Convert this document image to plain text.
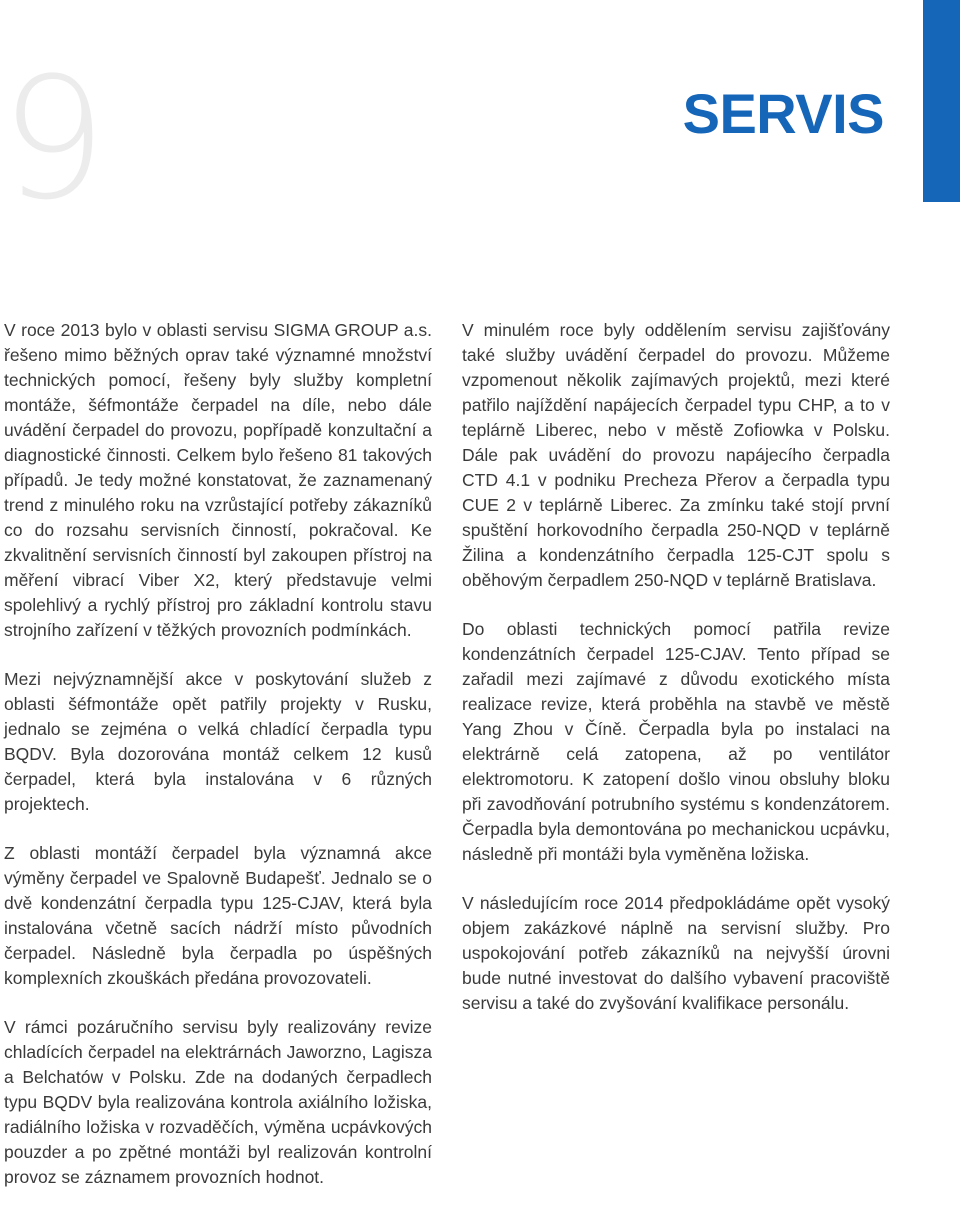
9	SERVIS

V roce 2013 bylo v oblasti servisu SIGMA GROUP a.s. řešeno mimo běžných oprav také významné množství technických pomocí, řešeny byly služby kompletní montáže, šéfmontáže čerpadel na díle, nebo dále uvádění čerpadel do provozu, popřípadě konzultační a diagnostické činnosti. Celkem bylo řešeno 81 takových případů. Je tedy možné konstatovat, že zaznamenaný trend z minulého roku na vzrůstající potřeby zákazníků co do rozsahu servisních činností, pokračoval. Ke zkvalitnění servisních činností byl zakoupen přístroj na měření vibrací Viber X2, který představuje velmi spolehlivý a rychlý přístroj pro základní kontrolu stavu strojního zařízení v těžkých provozních podmínkách.

Mezi nejvýznamnější akce v poskytování služeb z oblasti šéfmontáže opět patřily projekty v Rusku, jednalo se zejména o velká chladící čerpadla typu BQDV. Byla dozorována montáž celkem 12 kusů čerpadel, která byla instalována v 6 různých projektech.

Z oblasti montáží čerpadel byla významná akce výměny čerpadel ve Spalovně Budapešť. Jednalo se o dvě kondenzátní čerpadla typu 125-CJAV, která byla instalována včetně sacích nádrží místo původních čerpadel. Následně byla čerpadla po úspěšných komplexních zkouškách předána provozovateli.

V rámci pozáručního servisu byly realizovány revize chladících čerpadel na elektrárnách Jaworzno, Lagisza a Belchatów v Polsku. Zde na dodaných čerpadlech typu BQDV byla realizována kontrola axiálního ložiska, radiálního ložiska v rozvaděčích, výměna ucpávkových pouzder a po zpětné montáži byl realizován kontrolní provoz se záznamem provozních hodnot.

V minulém roce byly oddělením servisu zajišťovány také služby uvádění čerpadel do provozu. Můžeme vzpomenout několik zajímavých projektů, mezi které patřilo najíždění napájecích čerpadel typu CHP, a to v teplárně Liberec, nebo v městě Zofiowka v Polsku. Dále pak uvádění do provozu napájecího čerpadla CTD 4.1 v podniku Precheza Přerov a čerpadla typu CUE 2 v teplárně Liberec. Za zmínku také stojí první spuštění horkovodního čerpadla 250-NQD v teplárně Žilina a kondenzátního čerpadla 125-CJT spolu s oběhovým čerpadlem 250-NQD v teplárně Bratislava.

Do oblasti technických pomocí patřila revize kondenzátních čerpadel 125-CJAV. Tento případ se zařadil mezi zajímavé z důvodu exotického místa realizace revize, která proběhla na stavbě ve městě Yang Zhou v Číně. Čerpadla byla po instalaci na elektrárně celá zatopena, až po ventilátor elektromotoru. K zatopení došlo vinou obsluhy bloku při zavodňování potrubního systému s kondenzátorem. Čerpadla byla demontována po mechanickou ucpávku, následně při montáži byla vyměněna ložiska.

V následujícím roce 2014 předpokládáme opět vysoký objem zakázkové náplně na servisní služby. Pro uspokojování potřeb zákazníků na nejvyšší úrovni bude nutné investovat do dalšího vybavení pracoviště servisu a také do zvyšování kvalifikace personálu.
